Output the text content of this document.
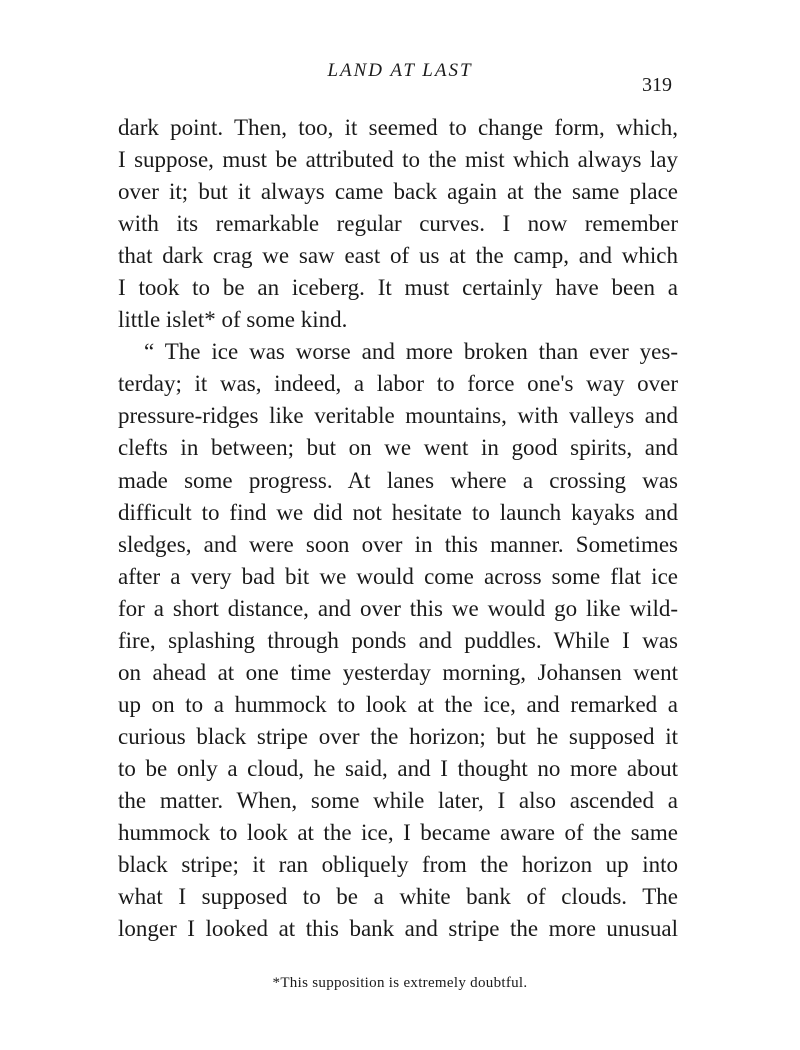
LAND AT LAST
319
dark point. Then, too, it seemed to change form, which,
I suppose, must be attributed to the mist which always lay
over it; but it always came back again at the same place
with its remarkable regular curves. I now remember
that dark crag we saw east of us at the camp, and which
I took to be an iceberg. It must certainly have been a
little islet* of some kind.
“ The ice was worse and more broken than ever yes-
terday; it was, indeed, a labor to force one's way over
pressure-ridges like veritable mountains, with valleys and
clefts in between; but on we went in good spirits, and
made some progress. At lanes where a crossing was
difficult to find we did not hesitate to launch kayaks and
sledges, and were soon over in this manner. Sometimes
after a very bad bit we would come across some flat ice
for a short distance, and over this we would go like wild-
fire, splashing through ponds and puddles. While I was
on ahead at one time yesterday morning, Johansen went
up on to a hummock to look at the ice, and remarked a
curious black stripe over the horizon; but he supposed it
to be only a cloud, he said, and I thought no more about
the matter. When, some while later, I also ascended a
hummock to look at the ice, I became aware of the same
black stripe; it ran obliquely from the horizon up into
what I supposed to be a white bank of clouds. The
longer I looked at this bank and stripe the more unusual
*This supposition is extremely doubtful.
